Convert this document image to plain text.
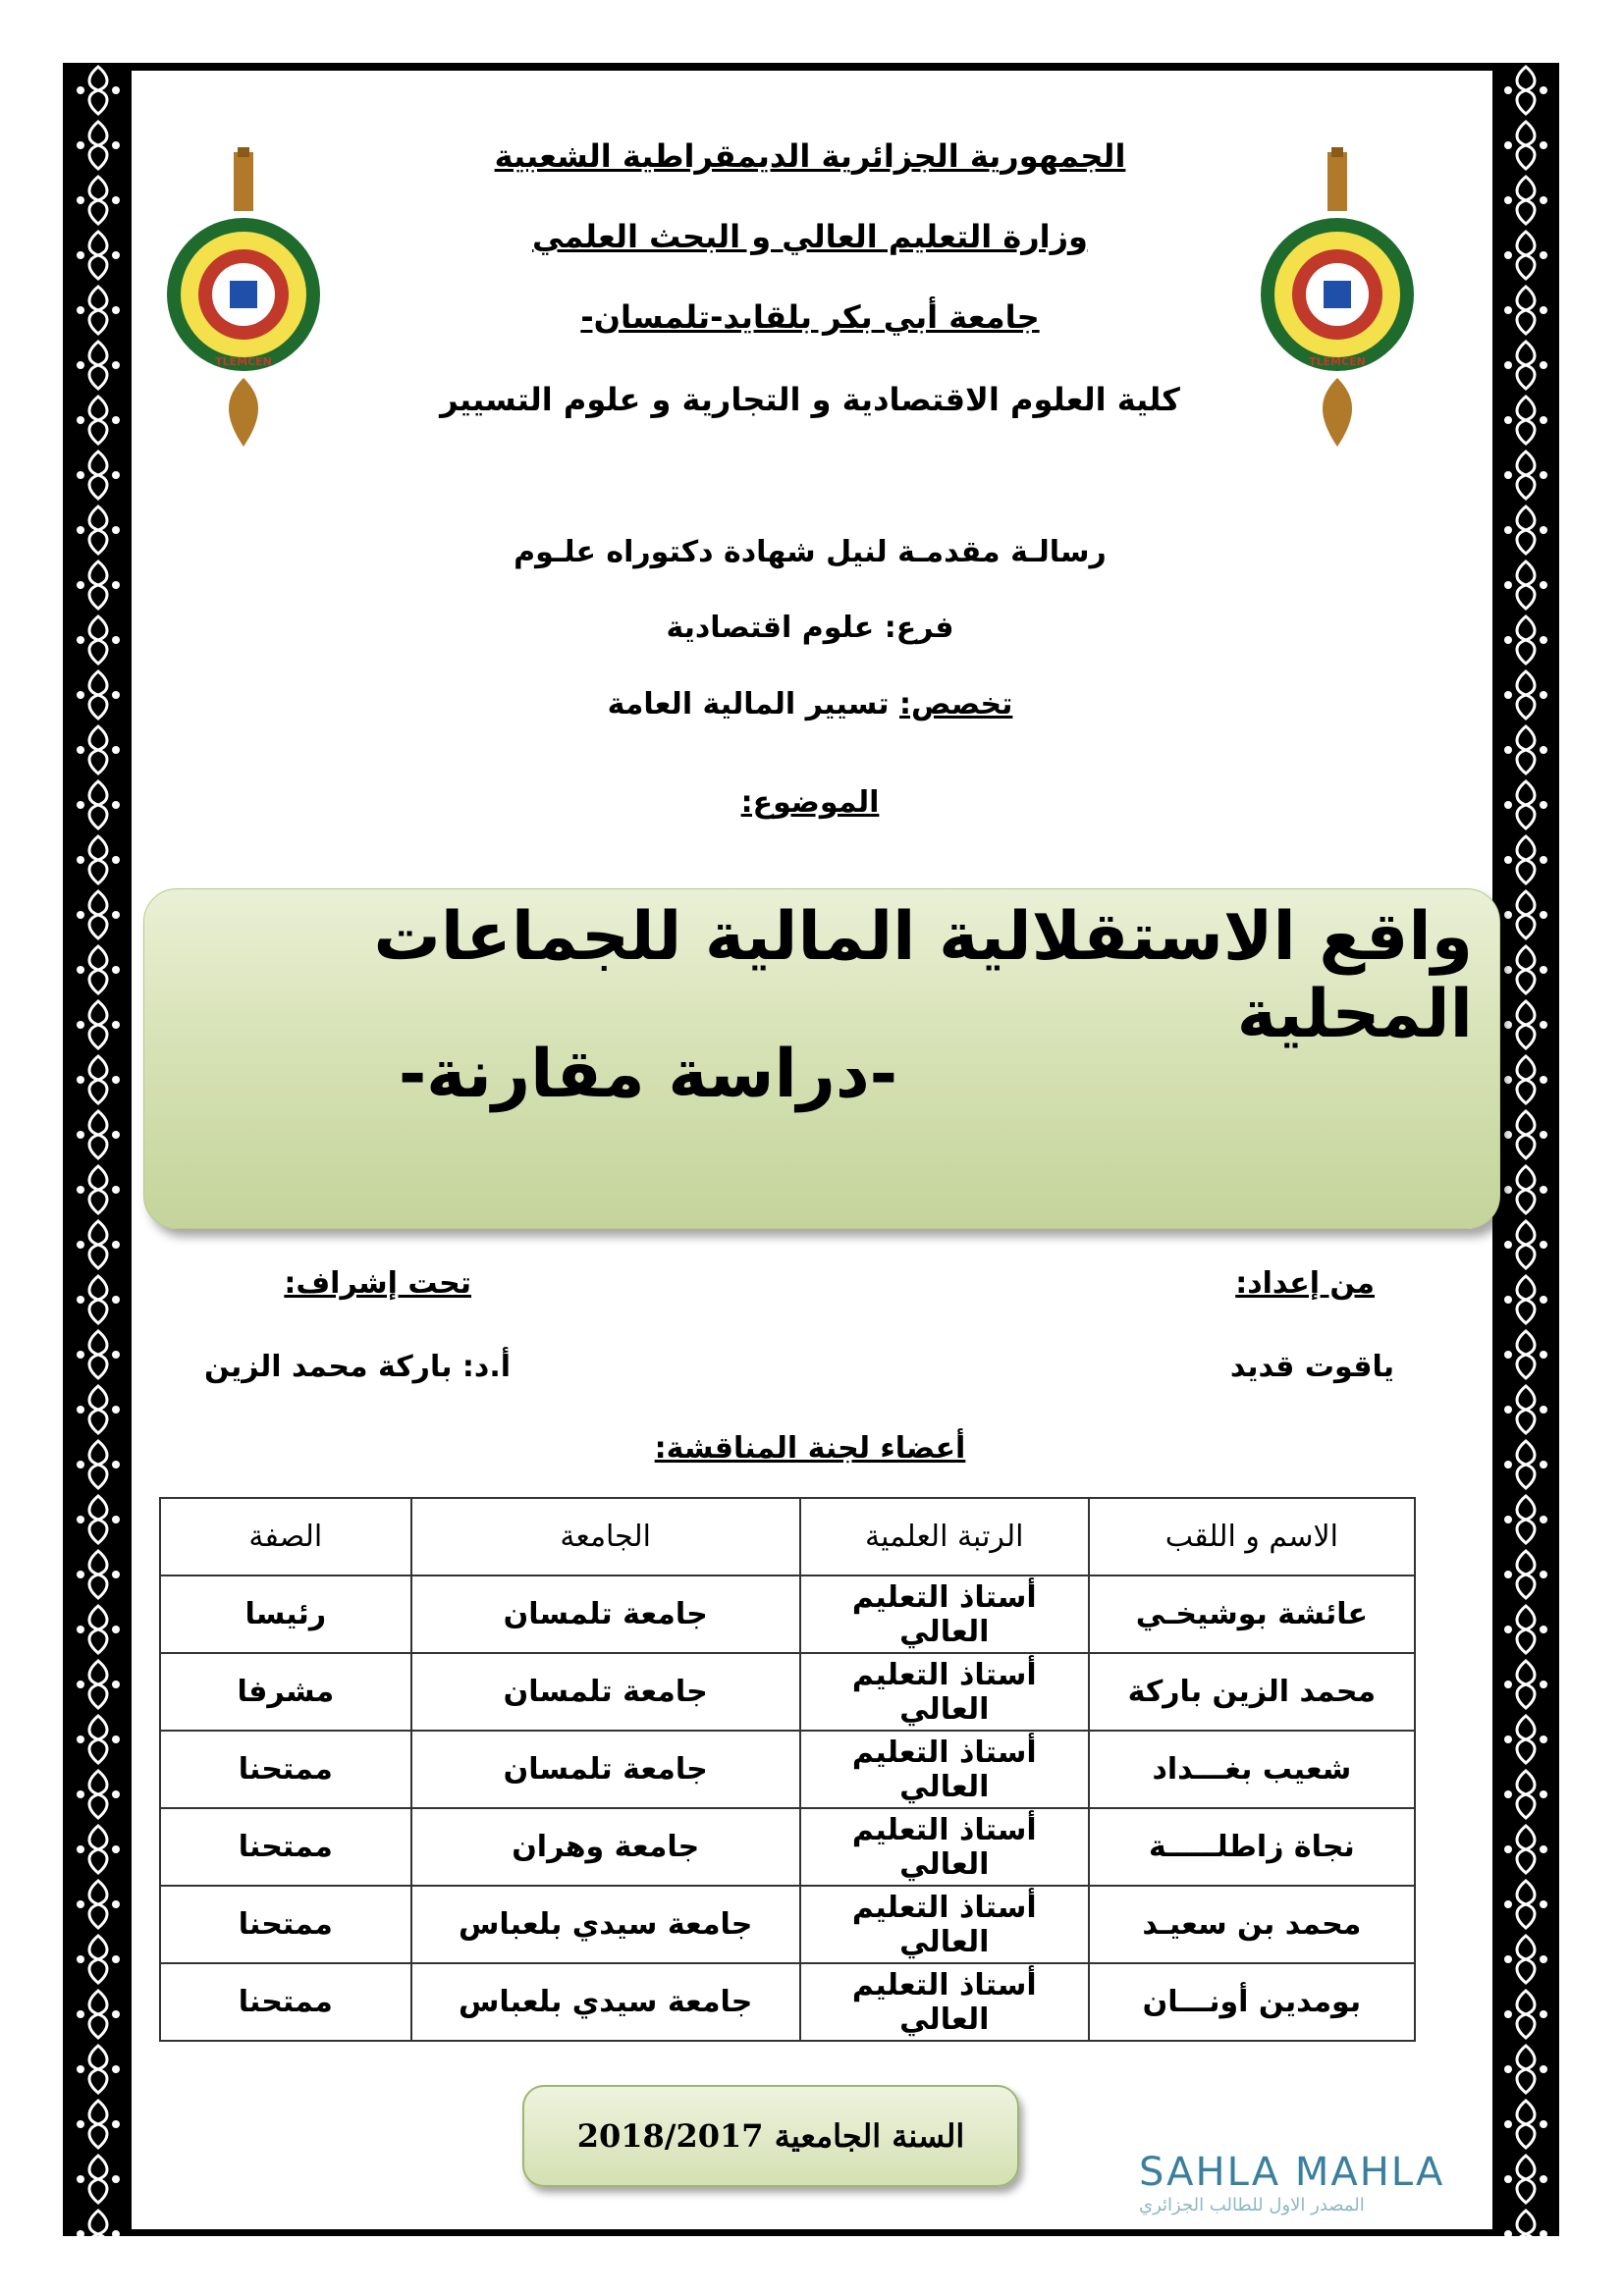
TLEMCEN	TLEMCEN
الجمهورية الجزائرية الديمقراطية الشعبية
وزارة التعليم العالي و البحث العلمي
جامعة أبي بكر بلقايد-تلمسان-
كلية العلوم الاقتصادية و التجارية و علوم التسيير
رسالـة مقدمـة لنيل شهادة دكتوراه علـوم
فرع: علوم اقتصادية
تخصص: تسيير المالية العامة
الموضوع:
واقع الاستقلالية المالية للجماعات المحلية
-دراسة مقارنة-
من إعداد:
ياقوت قديد
تحت إشراف:
أ.د: باركة محمد الزين
أعضاء لجنة المناقشة:
الاسم و اللقب	الرتبة العلمية	الجامعة	الصفة
عائشة بوشيخـي	أستاذ التعليم العالي	جامعة تلمسان	رئيسا
محمد الزين باركة	أستاذ التعليم العالي	جامعة تلمسان	مشرفا
شعيب بغـــداد	أستاذ التعليم العالي	جامعة تلمسان	ممتحنا
نجاة زاطلـــــة	أستاذ التعليم العالي	جامعة وهران	ممتحنا
محمد بن سعيـد	أستاذ التعليم العالي	جامعة سيدي بلعباس	ممتحنا
بومدين أونـــان	أستاذ التعليم العالي	جامعة سيدي بلعباس	ممتحنا
السنة الجامعية 2018/2017
SAHLA MAHLA
المصدر الاول للطالب الجزائري
